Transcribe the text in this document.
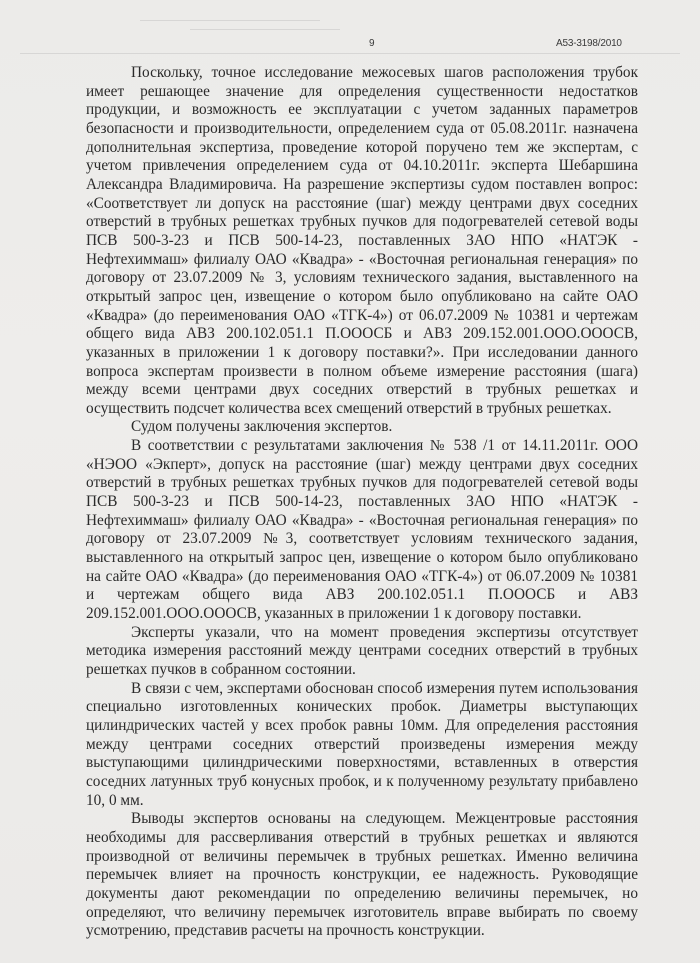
9	А53-3198/2010

Поскольку, точное исследование межосевых шагов расположения трубок имеет решающее значение для определения существенности недостатков продукции, и возможность ее эксплуатации с учетом заданных параметров безопасности и производительности, определением суда от 05.08.2011г. назначена дополнительная экспертиза, проведение которой поручено тем же экспертам, с учетом привлечения определением суда от 04.10.2011г. эксперта Шебаршина Александра Владимировича. На разрешение экспертизы судом поставлен вопрос: «Соответствует ли допуск на расстояние (шаг) между центрами двух соседних отверстий в трубных решетках трубных пучков для подогревателей сетевой воды ПСВ 500-3-23 и ПСВ 500-14-23, поставленных ЗАО НПО «НАТЭК - Нефтехиммаш» филиалу ОАО «Квадра» - «Восточная региональная генерация» по договору от 23.07.2009 № 3, условиям технического задания, выставленного на открытый запрос цен, извещение о котором было опубликовано на сайте ОАО «Квадра» (до переименования ОАО «ТГК-4») от 06.07.2009 № 10381 и чертежам общего вида АВЗ 200.102.051.1 П.ОООСБ и АВЗ 209.152.001.ООО.ОООСВ, указанных в приложении 1 к договору поставки?». При исследовании данного вопроса экспертам произвести в полном объеме измерение расстояния (шага) между всеми центрами двух соседних отверстий в трубных решетках и осуществить подсчет количества всех смещений отверстий в трубных решетках.

Судом получены заключения экспертов.

В соответствии с результатами заключения № 538 /1 от 14.11.2011г. ООО «НЭОО «Экперт», допуск на расстояние (шаг) между центрами двух соседних отверстий в трубных решетках трубных пучков для подогревателей сетевой воды ПСВ 500-3-23 и ПСВ 500-14-23, поставленных ЗАО НПО «НАТЭК - Нефтехиммаш» филиалу ОАО «Квадра» - «Восточная региональная генерация» по договору от 23.07.2009 №3, соответствует условиям технического задания, выставленного на открытый запрос цен, извещение о котором было опубликовано на сайте ОАО «Квадра» (до переименования ОАО «ТГК-4») от 06.07.2009 № 10381 и чертежам общего вида АВЗ 200.102.051.1 П.ОООСБ и АВЗ 209.152.001.ООО.ОООСВ, указанных в приложении 1 к договору поставки.

Эксперты указали, что на момент проведения экспертизы отсутствует методика измерения расстояний между центрами соседних отверстий в трубных решетках пучков в собранном состоянии.

В связи с чем, экспертами обоснован способ измерения путем использования специально изготовленных конических пробок. Диаметры выступающих цилиндрических частей у всех пробок равны 10мм. Для определения расстояния между центрами соседних отверстий произведены измерения между выступающими цилиндрическими поверхностями, вставленных в отверстия соседних латунных труб конусных пробок, и к полученному результату прибавлено 10, 0 мм.

Выводы экспертов основаны на следующем. Межцентровые расстояния необходимы для рассверливания отверстий в трубных решетках и являются производной от величины перемычек в трубных решетках. Именно величина перемычек влияет на прочность конструкции, ее надежность. Руководящие документы дают рекомендации по определению величины перемычек, но определяют, что величину перемычек изготовитель вправе выбирать по своему усмотрению, представив расчеты на прочность конструкции.
